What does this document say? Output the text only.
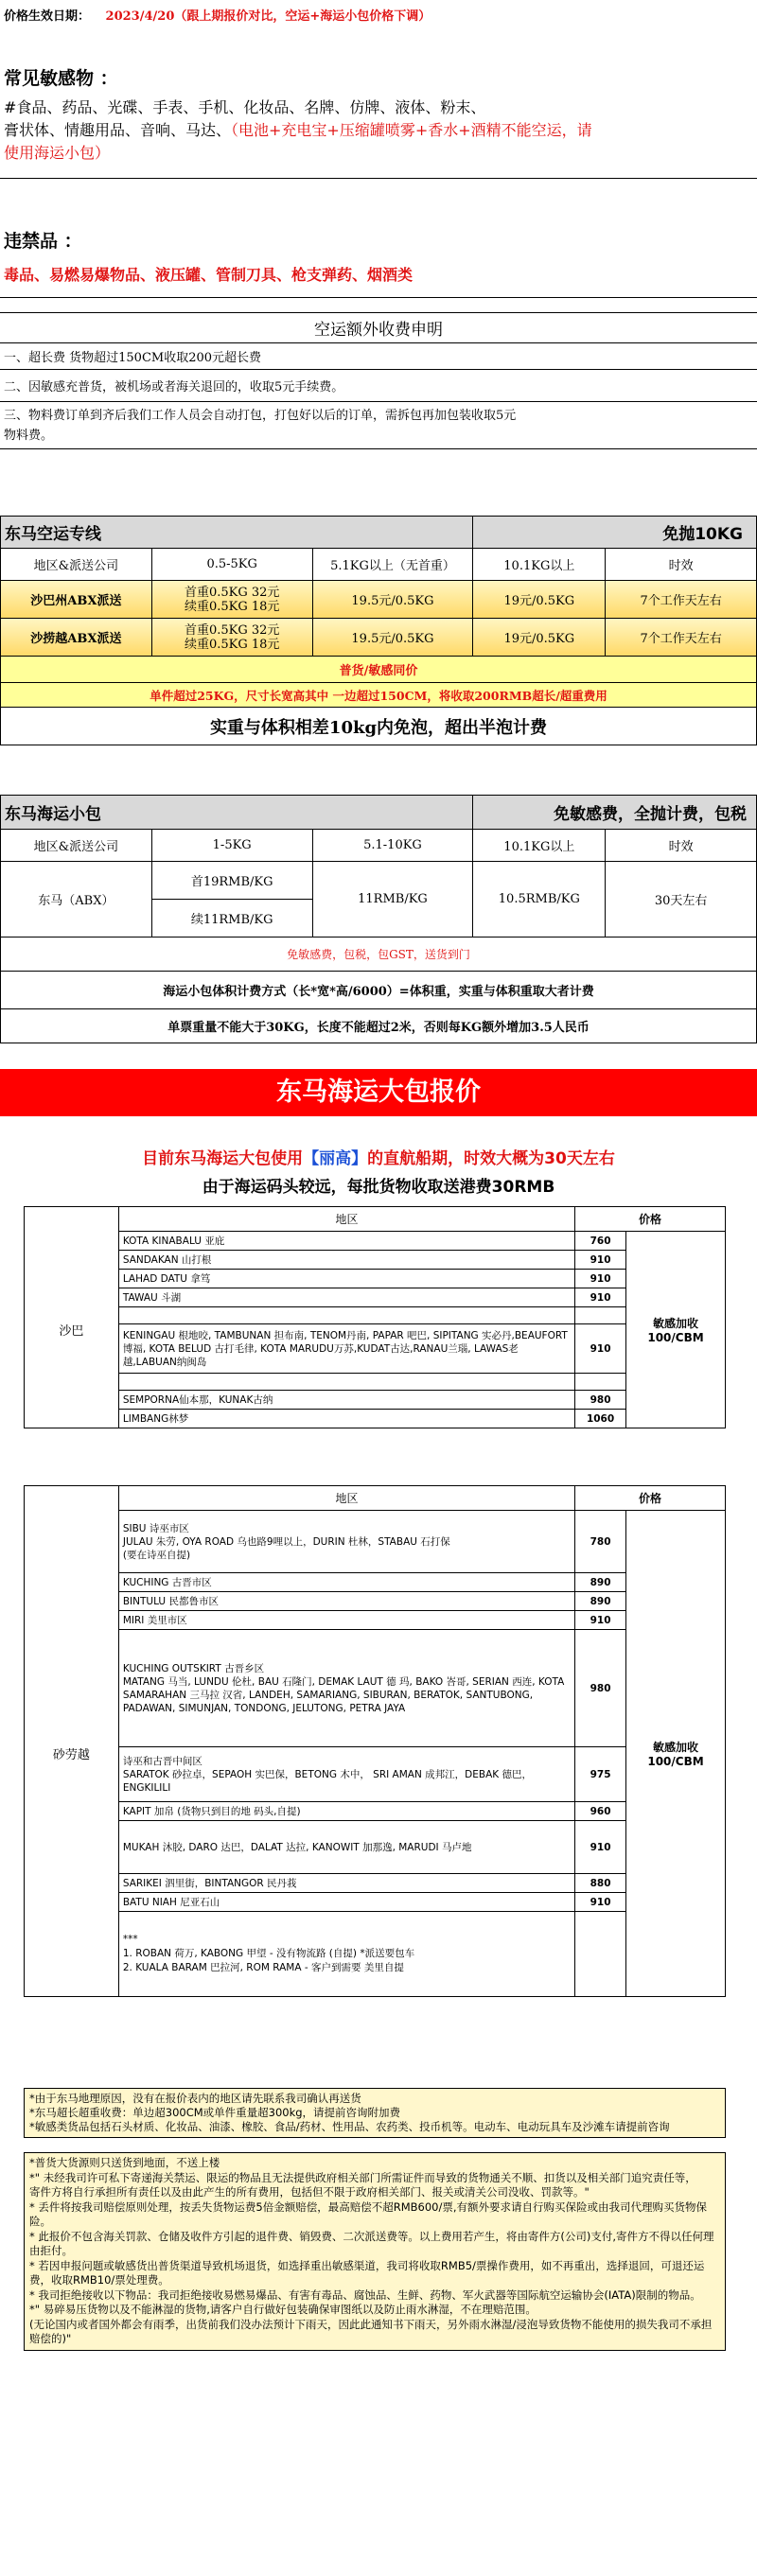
价格生效日期： 2023/4/20（跟上期报价对比，空运+海运小包价格下调）
常见敏感物 ：
#食品、药品、光碟、手表、手机、化妆品、名牌、仿牌、液体、粉末、
膏状体、情趣用品、音响、马达、（电池+充电宝+压缩罐喷雾+香水+酒精不能空运，请
使用海运小包）
违禁品 ：
毒品、易燃易爆物品、液压罐、管制刀具、枪支弹药、烟酒类
空运额外收费申明
一、超长费 货物超过150CM收取200元超长费
二、因敏感充普货，被机场或者海关退回的，收取5元手续费。

三、物料费订单到齐后我们工作人员会自动打包，打包好以后的订单，需拆包再加包装收取5元
物料费。
东马空运专线			免抛10KG	
地区&派送公司	0.5-5KG	5.1KG以上（无首重）	10.1KG以上	时效
沙巴州ABX派送	首重0.5KG 32元
续重0.5KG 18元	19.5元/0.5KG	19元/0.5KG	7个工作天左右
沙捞越ABX派送	首重0.5KG 32元
续重0.5KG 18元	19.5元/0.5KG	19元/0.5KG	7个工作天左右
普货/敏感同价				
单件超过25KG，尺寸长宽高其中 一边超过150CM，将收取200RMB超长/超重费用				
实重与体积相差10kg内免泡，超出半泡计费				
东马海运小包			免敏感费，全抛计费，包税	
地区&派送公司	1-5KG	5.1-10KG	10.1KG以上	时效
东马（ABX）	首19RMB/KG	11RMB/KG	10.5RMB/KG	30天左右
	续11RMB/KG			
免敏感费，包税，包GST，送货到门				
海运小包体积计费方式（长*宽*高/6000）=体积重，实重与体积重取大者计费				
单票重量不能大于30KG，长度不能超过2米，否则每KG额外增加3.5人民币				
东马海运大包报价
目前东马海运大包使用【丽高】的直航船期，时效大概为30天左右
由于海运码头较远，每批货物收取送港费30RMB
	地区	价格	
沙巴	KOTA KINABALU 亚庇	760	敏感加收
100/CBM
	SANDAKAN 山打根	910	
	LAHAD DATU 拿笃	910	
	TAWAU 斗湖	910	

	KENINGAU 根地咬, TAMBUNAN 担布南, TENOM丹南, PAPAR 吧巴, SIPITANG 实必丹,BEAUFORT博福, KOTA BELUD 古打毛律, KOTA MARUDU万苏,KUDAT古达,RANAU兰瑙, LAWAS老越,LABUAN纳闽岛	910	

	SEMPORNA仙本那，KUNAK古纳	980	
	LIMBANG林梦	1060	
	地区	价格	
砂劳越	SIBU 诗巫市区
JULAU 朱劳, OYA ROAD 乌也路9哩以上，DURIN 杜林，STABAU 石打保
(要在诗巫自提)	780	敏感加收
100/CBM
	KUCHING 古晋市区	890	
	BINTULU 民都鲁市区	890	
	MIRI 美里市区	910	
	KUCHING OUTSKIRT 古晋乡区
MATANG 马当, LUNDU 伦杜, BAU 石隆门, DEMAK LAUT 德 玛, BAKO 峇哥, SERIAN 西连, KOTA SAMARAHAN 三马拉 汉省, LANDEH, SAMARIANG, SIBURAN, BERATOK, SANTUBONG, PADAWAN, SIMUNJAN, TONDONG, JELUTONG, PETRA JAYA	980	
	诗巫和古晋中间区
SARATOK 砂拉卓，SEPAOH 实巴保，BETONG 木中， SRI AMAN 成邦江，DEBAK 德巴，ENGKILILI	975	
	KAPIT 加帛 (货物只到目的地 码头,自提)	960	
	MUKAH 沐胶, DARO 达巴，DALAT 达拉, KANOWIT 加那逸, MARUDI 马卢地	910	
	SARIKEI 泗里街，BINTANGOR 民丹莪	880	
	BATU NIAH 尼亚石山	910	
	***
1. ROBAN 荷万, KABONG 甲望 - 没有物流路 (自提) *派送要包车
2. KUALA BARAM 巴拉河, ROM RAMA - 客户到需要 美里自提		
*由于东马地理原因，没有在报价表内的地区请先联系我司确认再送货
*东马超长超重收费：单边超300CM或单件重量超300kg，请提前咨询附加费
*敏感类货品包括石头材质、化妆品、油漆、橡胶、食品/药材、性用品、农药类、投币机等。电动车、电动玩具车及沙滩车请提前咨询
*普货大货源则只送货到地面，不送上楼
*" 未经我司许可私下寄递海关禁运、限运的物品且无法提供政府相关部门所需证件而导致的货物通关不顺、扣货以及相关部门追究责任等，
寄件方将自行承担所有责任以及由此产生的所有费用，包括但不限于政府相关部门、报关或清关公司没收、罚款等。"
* 丢件将按我司赔偿原则处理，按丢失货物运费5倍金额赔偿，最高赔偿不超RMB600/票,有额外要求请自行购买保险或由我司代理购买货物保险。
* 此报价不包含海关罚款、仓储及收件方引起的退件费、销毁费、二次派送费等。以上费用若产生，将由寄件方(公司)支付,寄件方不得以任何理由拒付。
* 若因申报问题或敏感货出普货渠道导致机场退货，如选择重出敏感渠道，我司将收取RMB5/票操作费用，如不再重出，选择退回，可退还运费，收取RMB10/票处理费。
* 我司拒绝接收以下物品：我司拒绝接收易燃易爆品、有害有毒品、腐蚀品、生鲜、药物、军火武器等国际航空运输协会(IATA)限制的物品。
*" 易碎易压货物以及不能淋湿的货物,请客户自行做好包装确保审图纸以及防止雨水淋湿，不在理赔范围。
(无论国内或者国外都会有雨季，出货前我们没办法预计下雨天，因此此通知书下雨天，另外雨水淋湿/浸泡导致货物不能使用的损失我司不承担赔偿的)"
